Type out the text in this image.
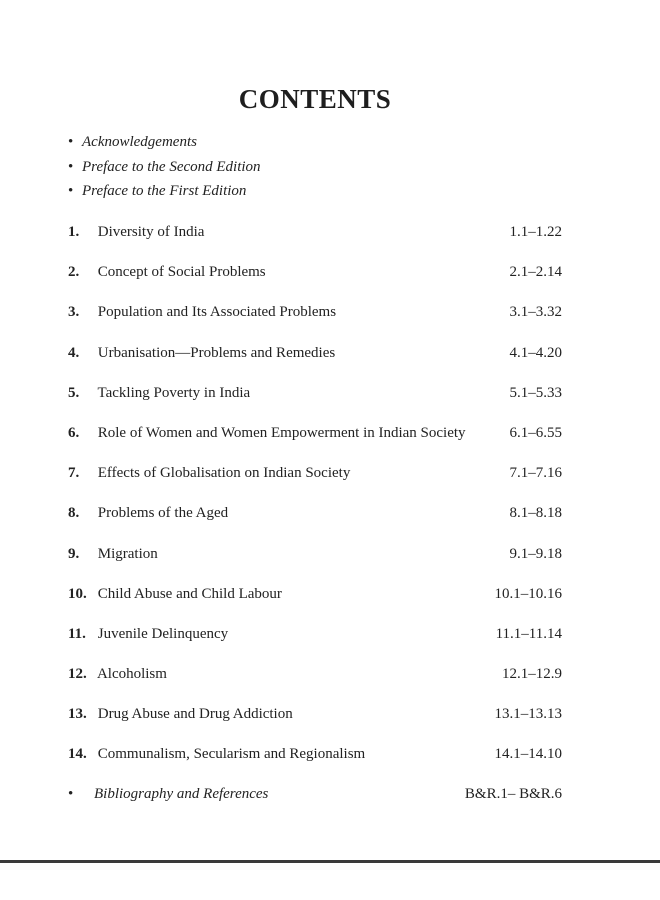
CONTENTS
• Acknowledgements
• Preface to the Second Edition
• Preface to the First Edition
1. Diversity of India	1.1–1.22
2. Concept of Social Problems	2.1–2.14
3. Population and Its Associated Problems	3.1–3.32
4. Urbanisation—Problems and Remedies	4.1–4.20
5. Tackling Poverty in India	5.1–5.33
6. Role of Women and Women Empowerment in Indian Society	6.1–6.55
7. Effects of Globalisation on Indian Society	7.1–7.16
8. Problems of the Aged	8.1–8.18
9. Migration	9.1–9.18
10. Child Abuse and Child Labour	10.1–10.16
11. Juvenile Delinquency	11.1–11.14
12. Alcoholism	12.1–12.9
13. Drug Abuse and Drug Addiction	13.1–13.13
14. Communalism, Secularism and Regionalism	14.1–14.10
• Bibliography and References	B&R.1– B&R.6
